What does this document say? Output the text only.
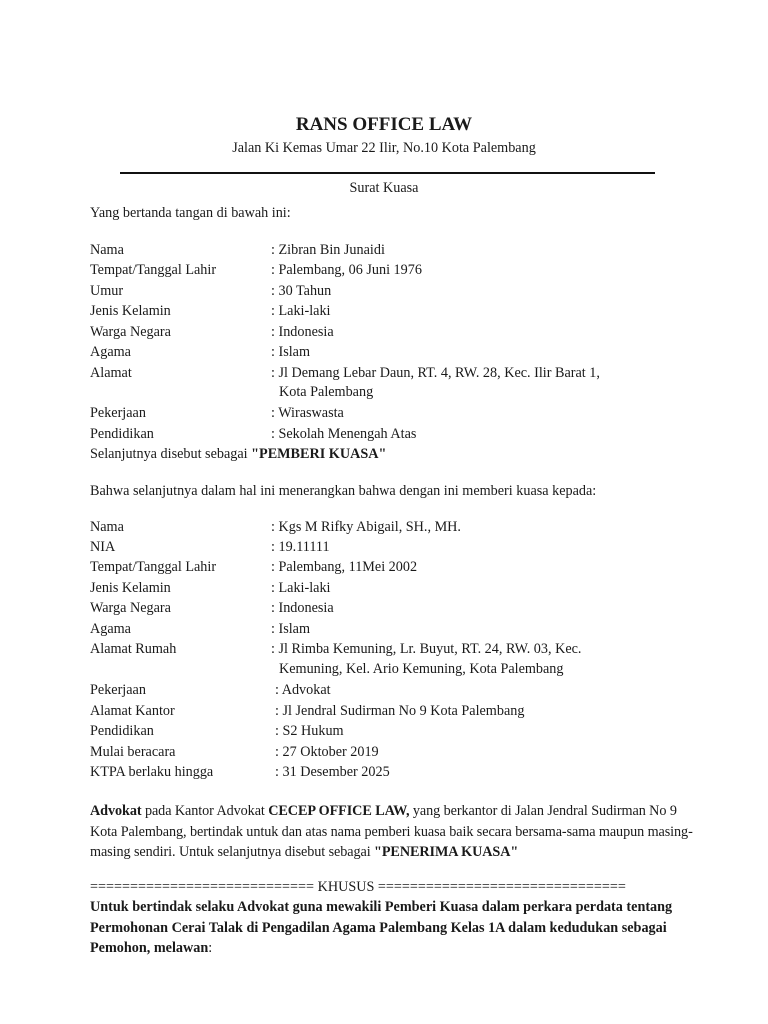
RANS OFFICE LAW
Jalan Ki Kemas Umar 22 Ilir, No.10 Kota Palembang
Surat Kuasa
Yang bertanda tangan di bawah ini:
Nama	: Zibran Bin Junaidi
Tempat/Tanggal Lahir	: Palembang, 06 Juni 1976
Umur	: 30 Tahun
Jenis Kelamin	: Laki-laki
Warga Negara	: Indonesia
Agama	: Islam
Alamat	: Jl Demang Lebar Daun, RT. 4, RW. 28, Kec. Ilir Barat 1,
Kota Palembang
Pekerjaan	: Wiraswasta
Pendidikan	: Sekolah Menengah Atas
Selanjutnya disebut sebagai "PEMBERI KUASA"
Bahwa selanjutnya dalam hal ini menerangkan bahwa dengan ini memberi kuasa kepada:
Nama	: Kgs M Rifky Abigail, SH., MH.
NIA	: 19.11111
Tempat/Tanggal Lahir	: Palembang, 11Mei 2002
Jenis Kelamin	: Laki-laki
Warga Negara	: Indonesia
Agama	: Islam
Alamat Rumah	: Jl Rimba Kemuning, Lr. Buyut, RT. 24, RW. 03, Kec.
Kemuning, Kel. Ario Kemuning, Kota Palembang
Pekerjaan	: Advokat
Alamat Kantor	: Jl Jendral Sudirman No 9 Kota Palembang
Pendidikan	: S2 Hukum
Mulai beracara	: 27 Oktober 2019
KTPA berlaku hingga	: 31 Desember 2025
Advokat pada Kantor Advokat CECEP OFFICE LAW, yang berkantor di Jalan Jendral Sudirman No 9 Kota Palembang, bertindak untuk dan atas nama pemberi kuasa baik secara bersama-sama maupun masing-masing sendiri. Untuk selanjutnya disebut sebagai "PENERIMA KUASA"
============================ KHUSUS ===============================
Untuk bertindak selaku Advokat guna mewakili Pemberi Kuasa dalam perkara perdata tentang Permohonan Cerai Talak di Pengadilan Agama Palembang Kelas 1A dalam kedudukan sebagai Pemohon, melawan:
